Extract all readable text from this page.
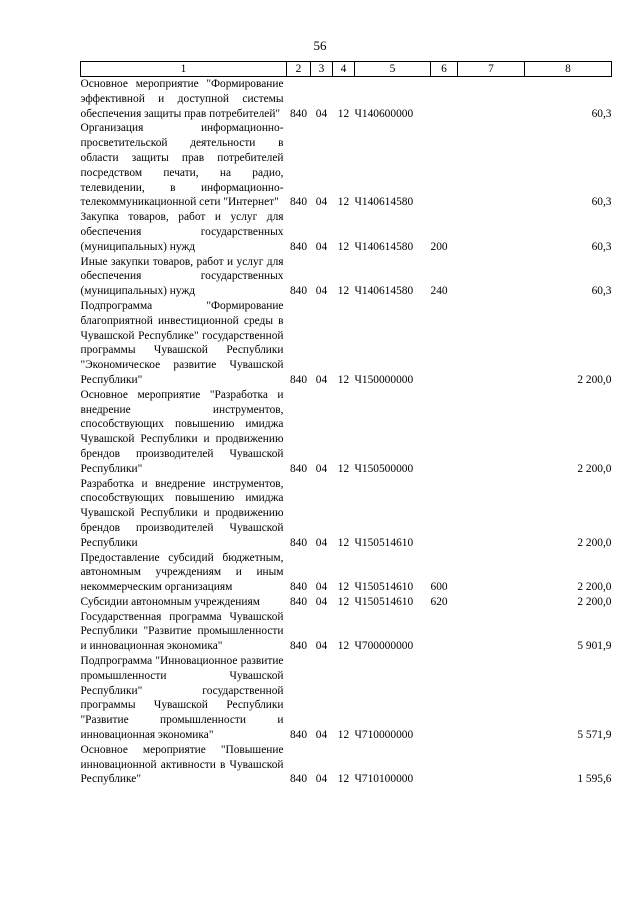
56
1	2	3	4	5	6	7	8
Основное мероприятие "Формирование эффективной и доступной системы обеспечения защиты прав потребителей"	840	04	12	Ч140600000			60,3
Организация информационно-просветительской деятельности в области защиты прав потребителей посредством печати, на радио, телевидении, в информационно-телекоммуникационной сети "Интернет"	840	04	12	Ч140614580			60,3
Закупка товаров, работ и услуг для обеспечения государственных (муниципальных) нужд	840	04	12	Ч140614580	200		60,3
Иные закупки товаров, работ и услуг для обеспечения государственных (муниципальных) нужд	840	04	12	Ч140614580	240		60,3
Подпрограмма "Формирование благоприятной инвестиционной среды в Чувашской Республике" государственной программы Чувашской Республики "Экономическое развитие Чувашской Республики"	840	04	12	Ч150000000			2 200,0
Основное мероприятие "Разработка и внедрение инструментов, способствующих повышению имиджа Чувашской Республики и продвижению брендов производителей Чувашской Республики"	840	04	12	Ч150500000			2 200,0
Разработка и внедрение инструментов, способствующих повышению имиджа Чувашской Республики и продвижению брендов производителей Чувашской Республики	840	04	12	Ч150514610			2 200,0
Предоставление субсидий бюджетным, автономным учреждениям и иным некоммерческим организациям	840	04	12	Ч150514610	600		2 200,0
Субсидии автономным учреждениям	840	04	12	Ч150514610	620		2 200,0
Государственная программа Чувашской Республики "Развитие промышленности и инновационная экономика"	840	04	12	Ч700000000			5 901,9
Подпрограмма "Инновационное развитие промышленности Чувашской Республики" государственной программы Чувашской Республики "Развитие промышленности и инновационная экономика"	840	04	12	Ч710000000			5 571,9
Основное мероприятие "Повышение инновационной активности в Чувашской Республике"	840	04	12	Ч710100000			1 595,6
